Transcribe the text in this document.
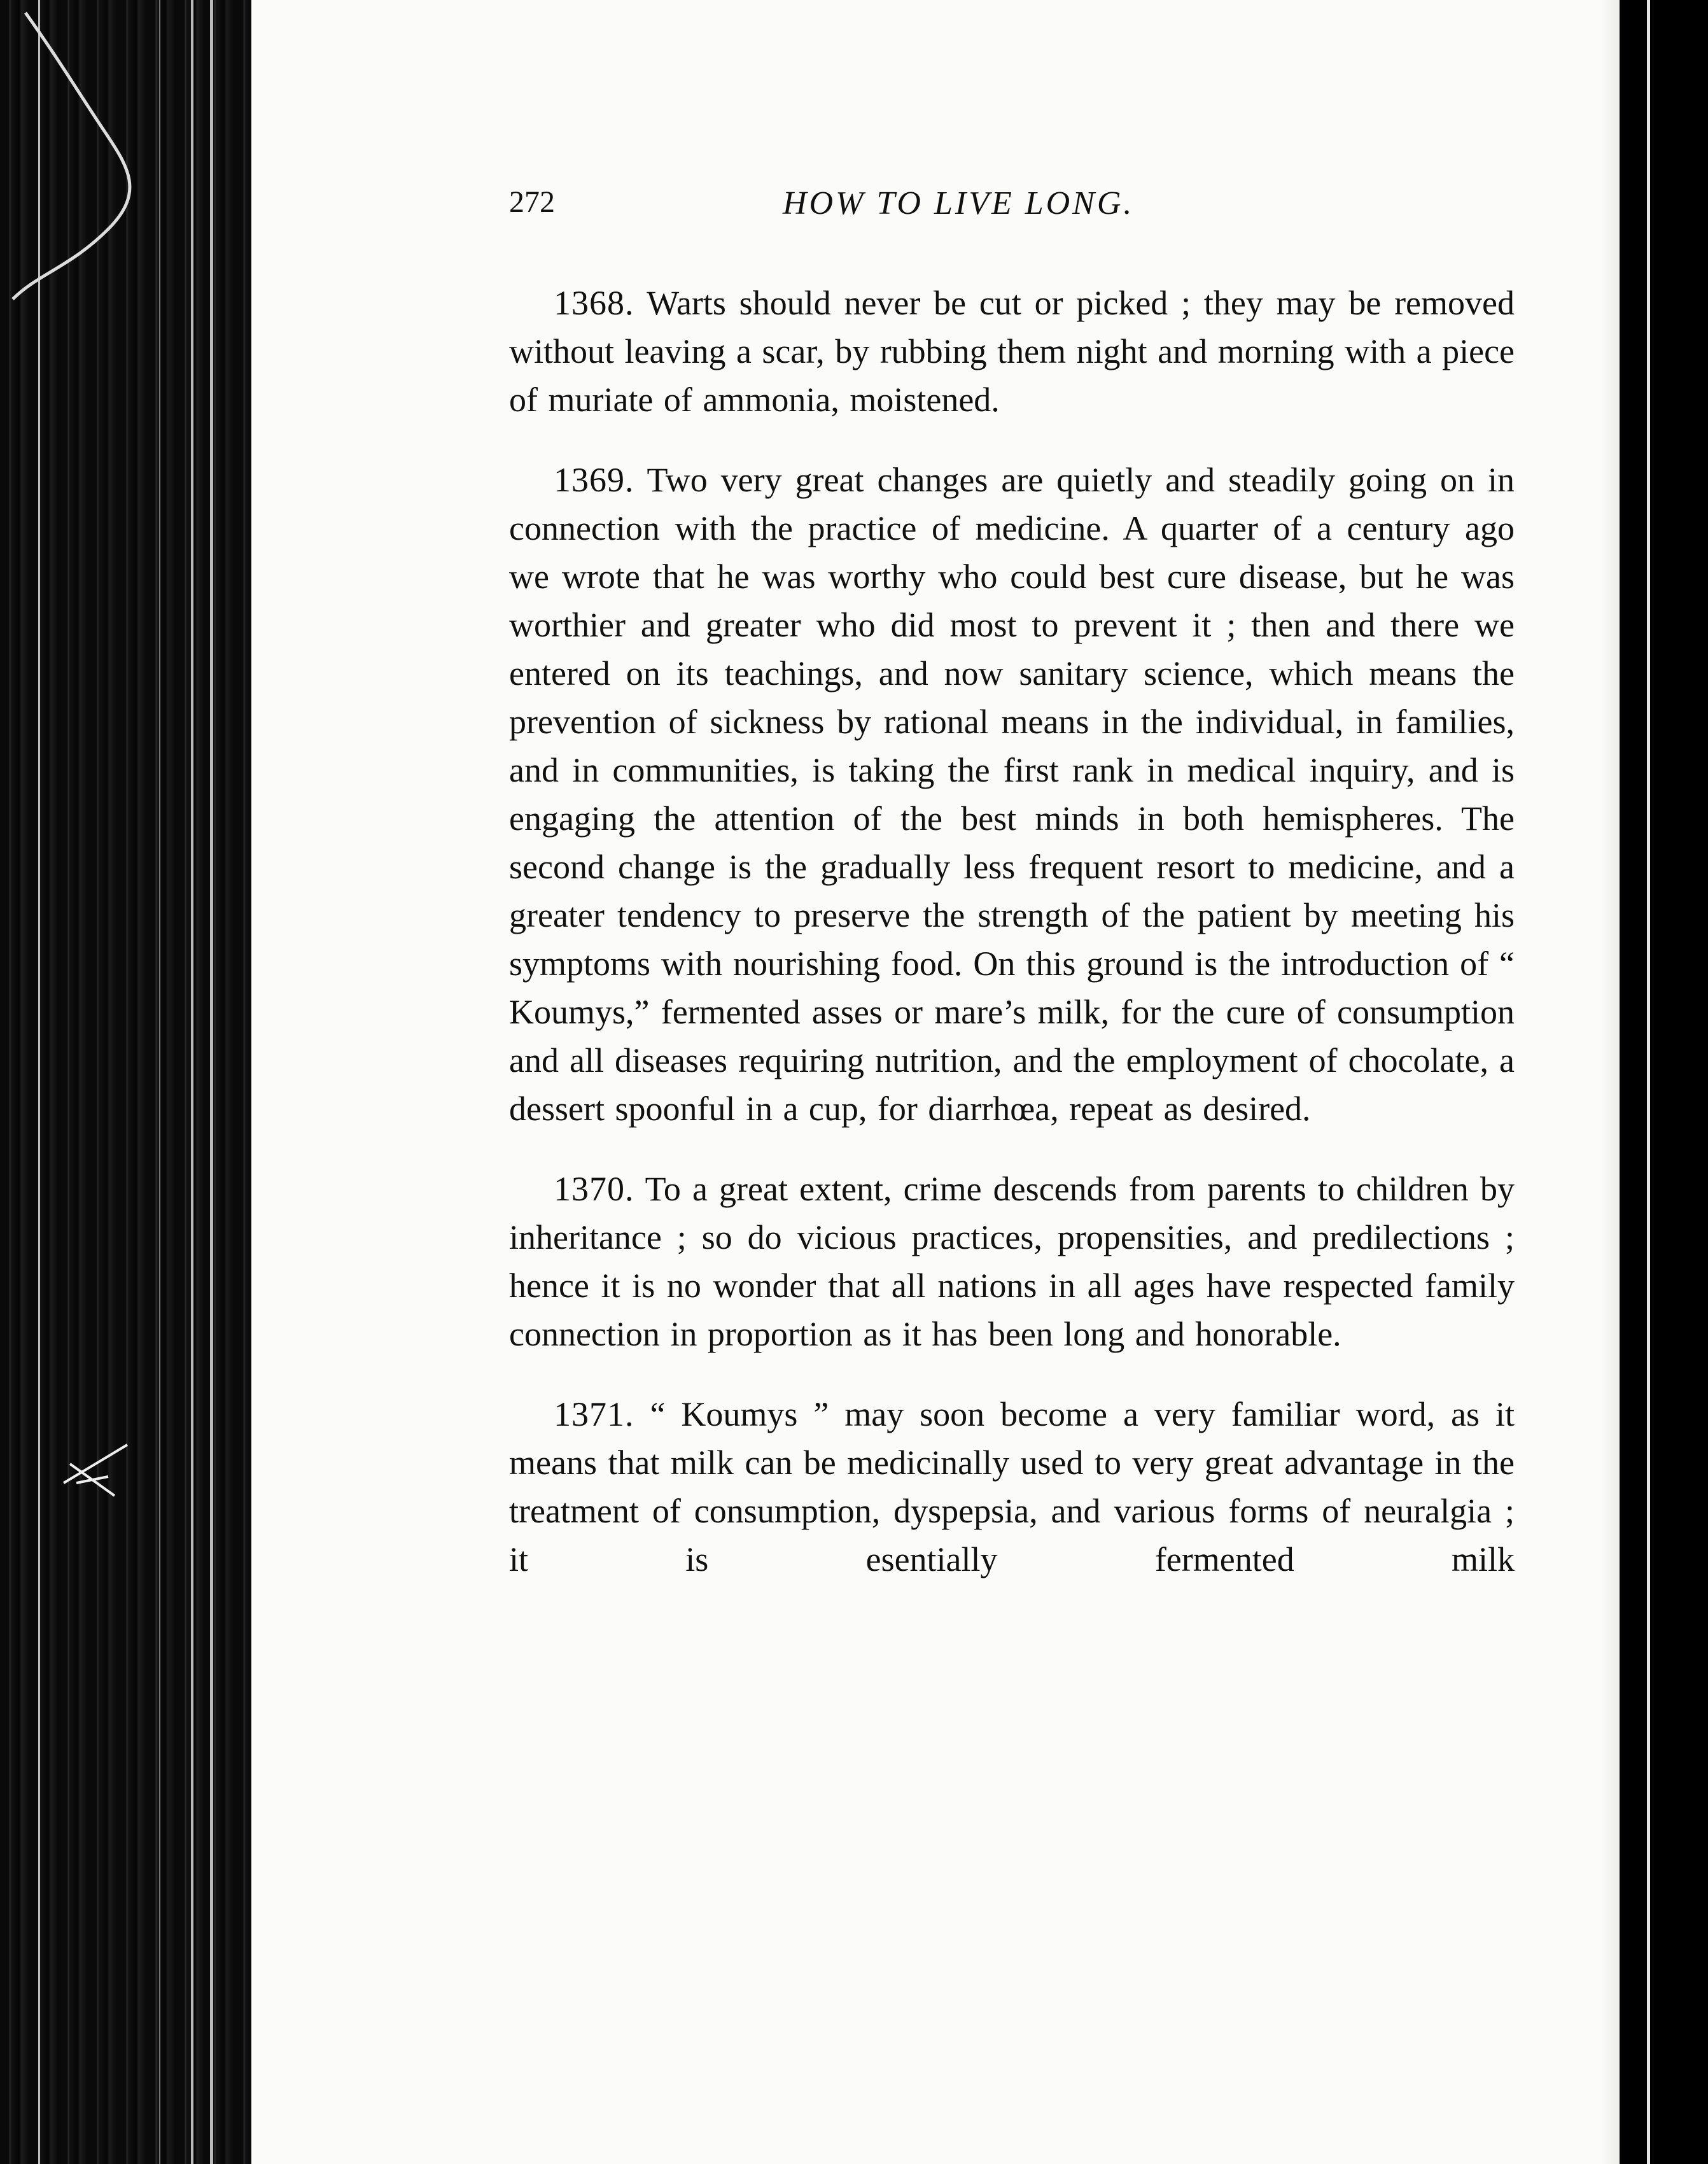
272	HOW TO LIVE LONG.

1368. Warts should never be cut or picked ; they may be removed without leaving a scar, by rubbing them night and morning with a piece of muriate of ammonia, moistened.

1369. Two very great changes are quietly and steadily going on in connection with the practice of medicine. A quarter of a century ago we wrote that he was worthy who could best cure disease, but he was worthier and greater who did most to prevent it ; then and there we entered on its teachings, and now sanitary science, which means the prevention of sickness by rational means in the individual, in families, and in communities, is taking the first rank in medical inquiry, and is engaging the attention of the best minds in both hemispheres. The second change is the gradually less frequent resort to medicine, and a greater tendency to preserve the strength of the patient by meeting his symptoms with nourishing food. On this ground is the introduction of “ Koumys,” fermented asses or mare’s milk, for the cure of consumption and all diseases requiring nutrition, and the employment of chocolate, a dessert spoonful in a cup, for diarrhœa, repeat as desired.

1370. To a great extent, crime descends from parents to children by inheritance ; so do vicious practices, propensities, and predilections ; hence it is no wonder that all nations in all ages have respected family connection in proportion as it has been long and honorable.

1371. “ Koumys ” may soon become a very familiar word, as it means that milk can be medicinally used to very great advantage in the treatment of consumption, dyspepsia, and various forms of neuralgia ; it is esentially fermented milk
